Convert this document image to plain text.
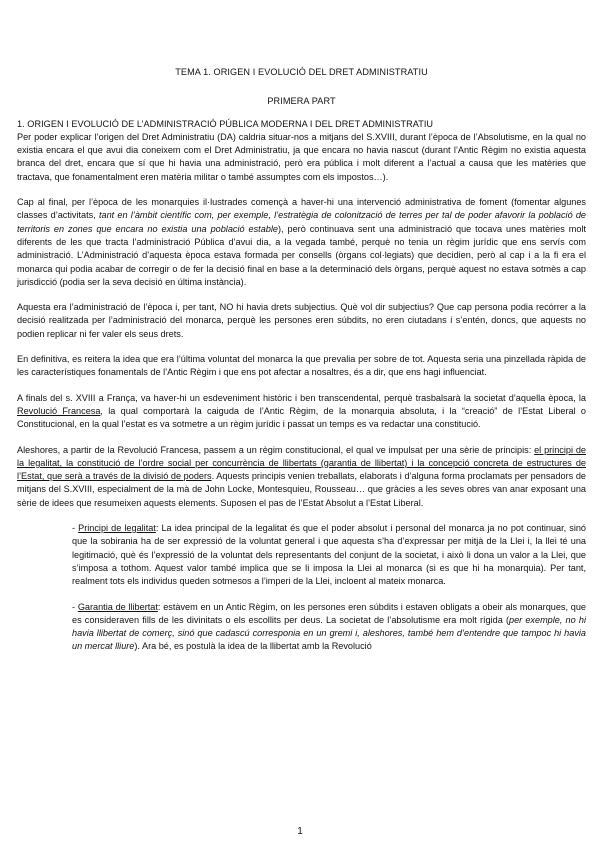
TEMA 1. ORIGEN I EVOLUCIÓ DEL DRET ADMINISTRATIU
PRIMERA PART
1. ORIGEN I EVOLUCIÓ DE L’ADMINISTRACIÓ PÚBLICA MODERNA I DEL DRET ADMINISTRATIU

Per poder explicar l’origen del Dret Administratiu (DA) caldria situar-nos a mitjans del S.XVIII, durant l’època de l’Absolutisme, en la qual no existia encara el que avui dia coneixem com el Dret Administratiu, ja que encara no havia nascut (durant l’Antic Règim no existia aquesta branca del dret, encara que sí que hi havia una administració, però era pública i molt diferent a l’actual a causa que les matèries que tractava, que fonamentalment eren matèria militar o també assumptes com els impostos…).

Cap al final, per l’època de les monarquies il·lustrades començà a haver-hi una intervenció administrativa de foment (fomentar algunes classes d’activitats, tant en l’àmbit científic com, per exemple, l’estratègia de colonització de terres per tal de poder afavorir la població de territoris en zones que encara no existia una població estable), però continuava sent una administració que tocava unes matèries molt diferents de les que tracta l’administració Pública d’avui dia, a la vegada també, perquè no tenia un règim jurídic que ens servís com administració. L’Administració d’aquesta època estava formada per consells (òrgans col·legiats) que decidien, però al cap i a la fi era el monarca qui podia acabar de corregir o de fer la decisió final en base a la determinació dels òrgans, perquè aquest no estava sotmès a cap jurisdicció (podia ser la seva decisió en última instància).

Aquesta era l’administració de l’època i, per tant, NO hi havia drets subjectius. Què vol dir subjectius? Que cap persona podia recórrer a la decisió realitzada per l’administració del monarca, perquè les persones eren súbdits, no eren ciutadans i s’entén, doncs, que aquests no podien replicar ni fer valer els seus drets.

En definitiva, es reitera la idea que era l’última voluntat del monarca la que prevalia per sobre de tot. Aquesta seria una pinzellada ràpida de les característiques fonamentals de l’Antic Règim i que ens pot afectar a nosaltres, és a dir, que ens hagi influenciat.

A finals del s. XVIII a França, va haver-hi un esdeveniment històric i ben transcendental, perquè trasbalsarà la societat d’aquella època, la Revolució Francesa, la qual comportarà la caiguda de l’Antic Règim, de la monarquia absoluta, i la “creació” de l’Estat Liberal o Constitucional, en la qual l’estat es va sotmetre a un règim jurídic i passat un temps es va redactar una constitució.

Aleshores, a partir de la Revolució Francesa, passem a un règim constitucional, el qual ve impulsat per una sèrie de principis: el principi de la legalitat, la constitució de l’ordre social per concurrència de llibertats (garantia de llibertat) i la concepció concreta de estructures de l’Estat, que serà a través de la divisió de poders. Aquests principis venien treballats, elaborats i d’alguna forma proclamats per pensadors de mitjans del S.XVIII, especialment de la mà de John Locke, Montesquieu, Rousseau… que gràcies a les seves obres van anar exposant una sèrie de idees que resumeixen aquests elements. Suposen el pas de l’Estat Absolut a l’Estat Liberal.

- Principi de legalitat: La idea principal de la legalitat és que el poder absolut i personal del monarca ja no pot continuar, sinó que la sobirania ha de ser expressió de la voluntat general i que aquesta s’ha d’expressar per mitjà de la Llei i, la llei té una legitimació, què és l’expressió de la voluntat dels representants del conjunt de la societat, i això li dona un valor a la Llei, que s’imposa a tothom. Aquest valor també implica que se li imposa la Llei al monarca (si es que hi ha monarquia). Per tant, realment tots els individus queden sotmesos a l’imperi de la Llei, incloent al mateix monarca.

- Garantia de llibertat: estàvem en un Antic Règim, on les persones eren súbdits i estaven obligats a obeir als monarques, que es consideraven fills de les divinitats o els escollits per deus. La societat de l’absolutisme era molt rígida (per exemple, no hi havia llibertat de comerç, sinó que cadascú corresponia en un gremi i, aleshores, també hem d’entendre que tampoc hi havia un mercat lliure). Ara bé, es postulà la idea de la llibertat amb la Revolució

1
